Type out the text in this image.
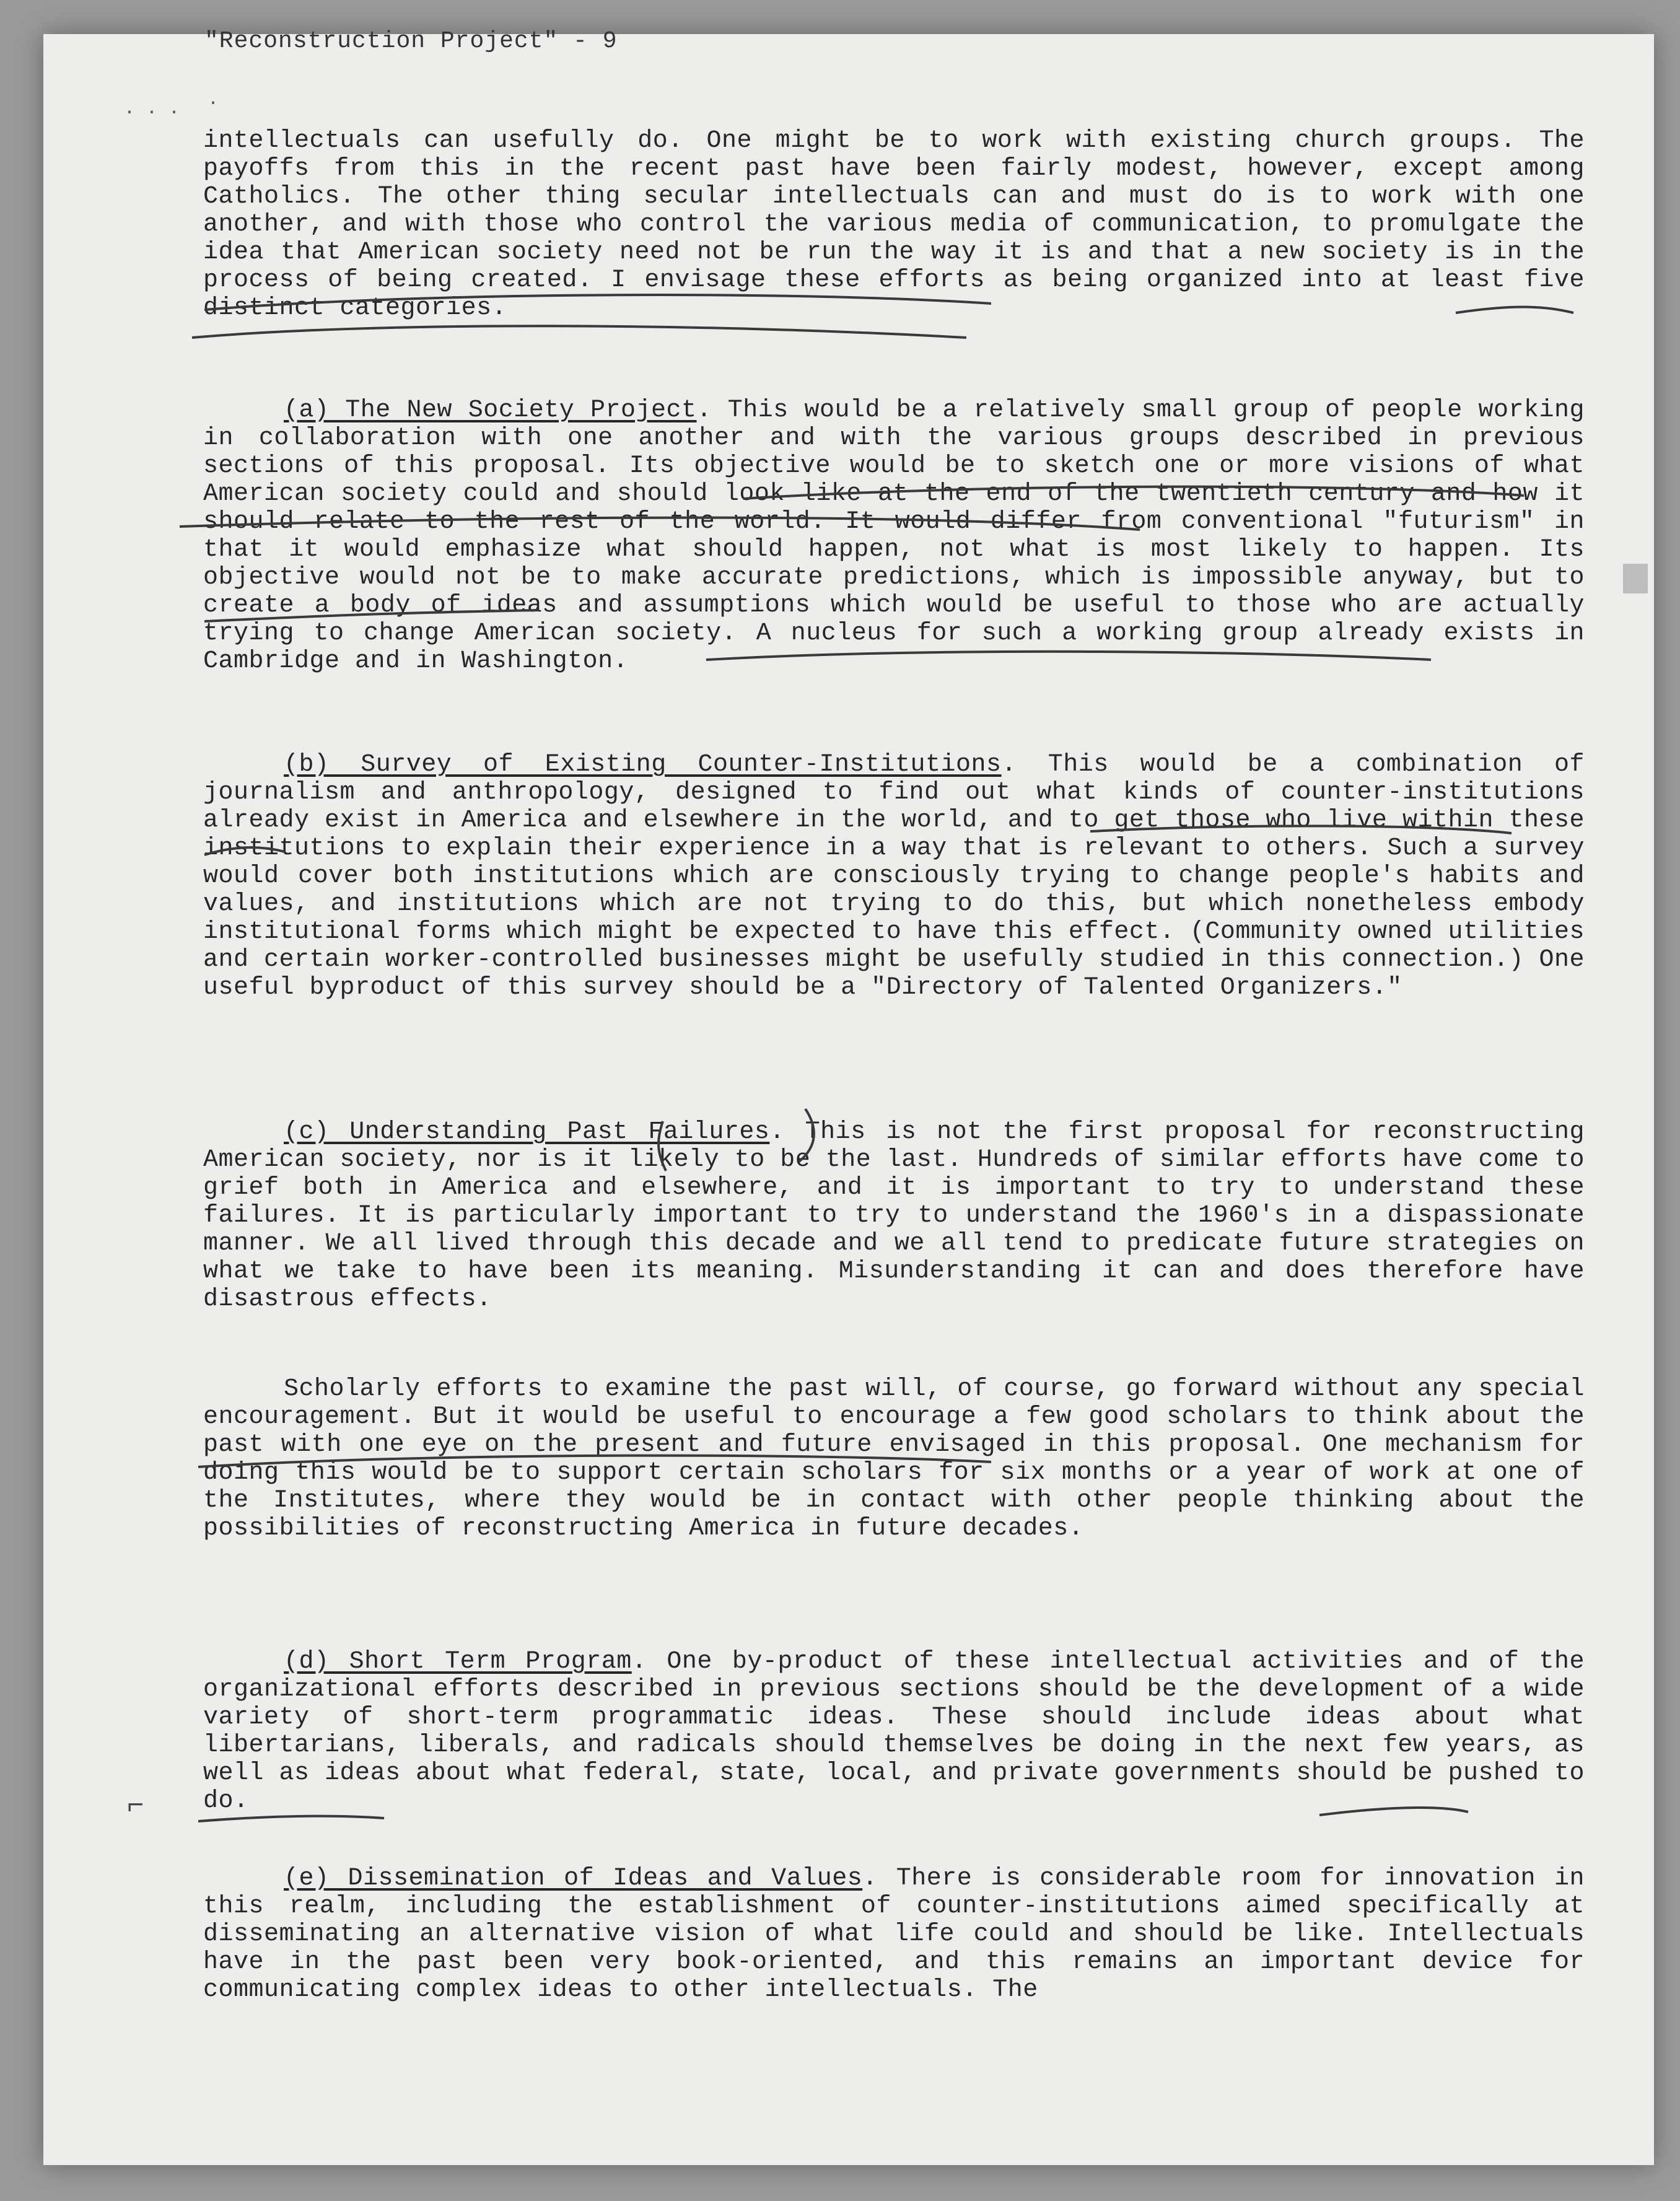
"Reconstruction Project" - 9
· · · ·

intellectuals can usefully do. One might be to work with existing church groups. The payoffs from this in the recent past have been fairly modest, however, except among Catholics. The other thing secular intellectuals can and must do is to work with one another, and with those who control the various media of communication, to promulgate the idea that American society need not be run the way it is and that a new society is in the process of being created. I envisage these efforts as being organized into at least five distinct categories.

(a) The New Society Project. This would be a relatively small group of people working in collaboration with one another and with the various groups described in previous sections of this proposal. Its objective would be to sketch one or more visions of what American society could and should look like at the end of the twentieth century and how it should relate to the rest of the world. It would differ from conventional "futurism" in that it would emphasize what should happen, not what is most likely to happen. Its objective would not be to make accurate predictions, which is impossible anyway, but to create a body of ideas and assumptions which would be useful to those who are actually trying to change American society. A nucleus for such a working group already exists in Cambridge and in Washington.

(b) Survey of Existing Counter-Institutions. This would be a combination of journalism and anthropology, designed to find out what kinds of counter-institutions already exist in America and elsewhere in the world, and to get those who live within these institutions to explain their experience in a way that is relevant to others. Such a survey would cover both institutions which are consciously trying to change people's habits and values, and institutions which are not trying to do this, but which nonetheless embody institutional forms which might be expected to have this effect. (Community owned utilities and certain worker-controlled businesses might be usefully studied in this connection.) One useful byproduct of this survey should be a "Directory of Talented Organizers."

(c) Understanding Past Failures. This is not the first proposal for reconstructing American society, nor is it likely to be the last. Hundreds of similar efforts have come to grief both in America and elsewhere, and it is important to try to understand these failures. It is particularly important to try to understand the 1960's in a dispassionate manner. We all lived through this decade and we all tend to predicate future strategies on what we take to have been its meaning. Misunderstanding it can and does therefore have disastrous effects.

Scholarly efforts to examine the past will, of course, go forward without any special encouragement. But it would be useful to encourage a few good scholars to think about the past with one eye on the present and future envisaged in this proposal. One mechanism for doing this would be to support certain scholars for six months or a year of work at one of the Institutes, where they would be in contact with other people thinking about the possibilities of reconstructing America in future decades.

(d) Short Term Program. One by-product of these intellectual activities and of the organizational efforts described in previous sections should be the development of a wide variety of short-term programmatic ideas. These should include ideas about what libertarians, liberals, and radicals should themselves be doing in the next few years, as well as ideas about what federal, state, local, and private governments should be pushed to do.

(e) Dissemination of Ideas and Values. There is considerable room for innovation in this realm, including the establishment of counter-institutions aimed specifically at disseminating an alternative vision of what life could and should be like. Intellectuals have in the past been very book-oriented, and this remains an important device for communicating complex ideas to other intellectuals. The

⌐
